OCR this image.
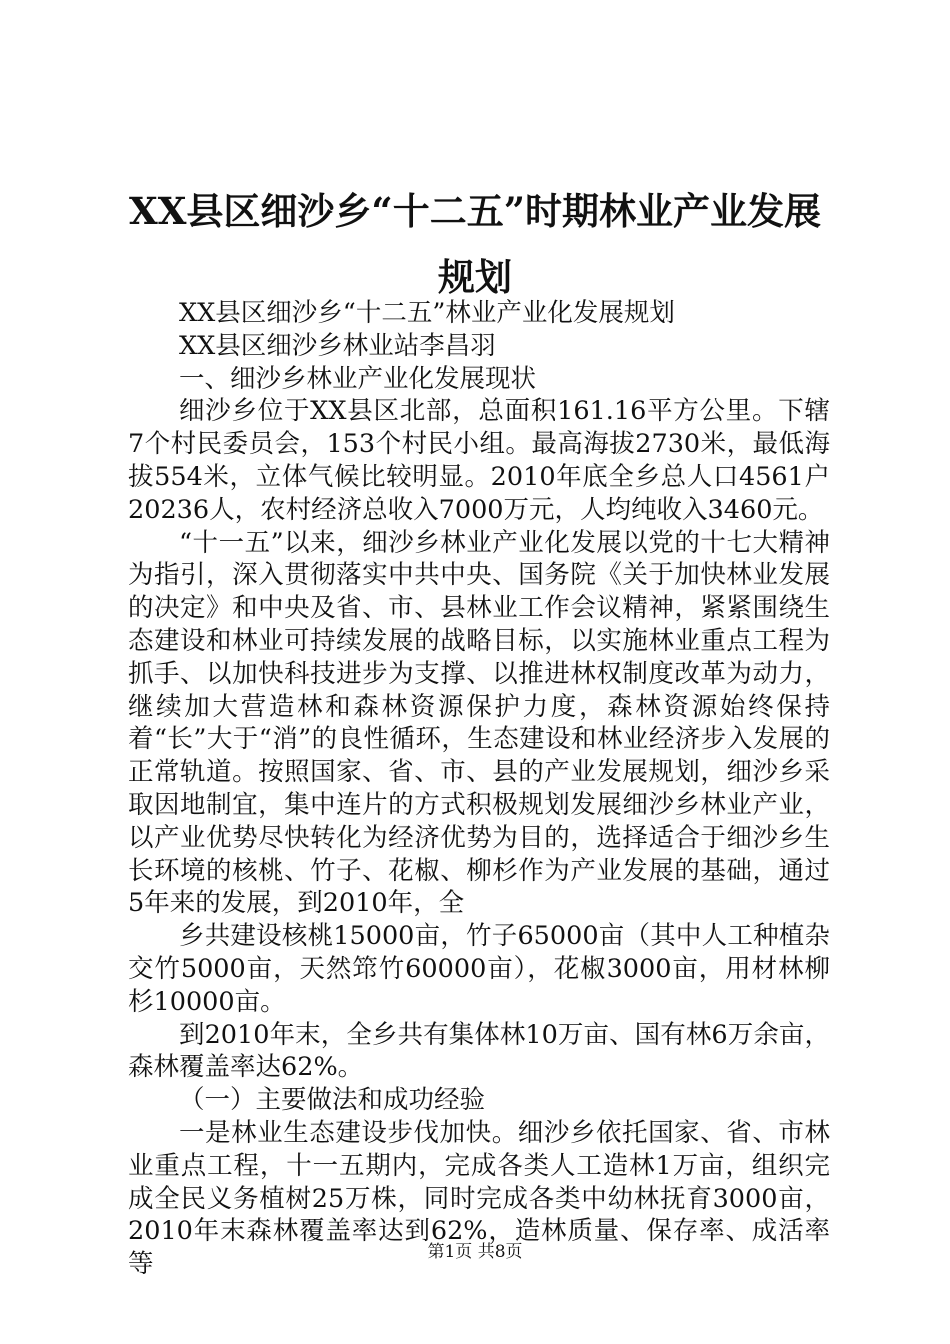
XX县区细沙乡“十二五”时期林业产业发展规划

XX县区细沙乡“十二五”林业产业化发展规划

XX县区细沙乡林业站李昌羽

一、细沙乡林业产业化发展现状

细沙乡位于XX县区北部，总面积161.16平方公里。下辖7个村民委员会，153个村民小组。最高海拔2730米，最低海拔554米，立体气候比较明显。2010年底全乡总人口4561户20236人，农村经济总收入7000万元，人均纯收入3460元。

“十一五”以来，细沙乡林业产业化发展以党的十七大精神为指引，深入贯彻落实中共中央、国务院《关于加快林业发展的决定》和中央及省、市、县林业工作会议精神，紧紧围绕生态建设和林业可持续发展的战略目标，以实施林业重点工程为抓手、以加快科技进步为支撑、以推进林权制度改革为动力，继续加大营造林和森林资源保护力度，森林资源始终保持着“长”大于“消”的良性循环，生态建设和林业经济步入发展的正常轨道。按照国家、省、市、县的产业发展规划，细沙乡采取因地制宜，集中连片的方式积极规划发展细沙乡林业产业，以产业优势尽快转化为经济优势为目的，选择适合于细沙乡生长环境的核桃、竹子、花椒、柳杉作为产业发展的基础，通过5年来的发展，到2010年，全

乡共建设核桃15000亩，竹子65000亩（其中人工种植杂交竹5000亩，天然筇竹60000亩），花椒3000亩，用材林柳杉10000亩。

到2010年末，全乡共有集体林10万亩、国有林6万余亩，森林覆盖率达62%。

（一）主要做法和成功经验

一是林业生态建设步伐加快。细沙乡依托国家、省、市林业重点工程，十一五期内，完成各类人工造林1万亩，组织完成全民义务植树25万株，同时完成各类中幼林抚育3000亩，2010年末森林覆盖率达到62%，造林质量、保存率、成活率等	第1页 共8页
